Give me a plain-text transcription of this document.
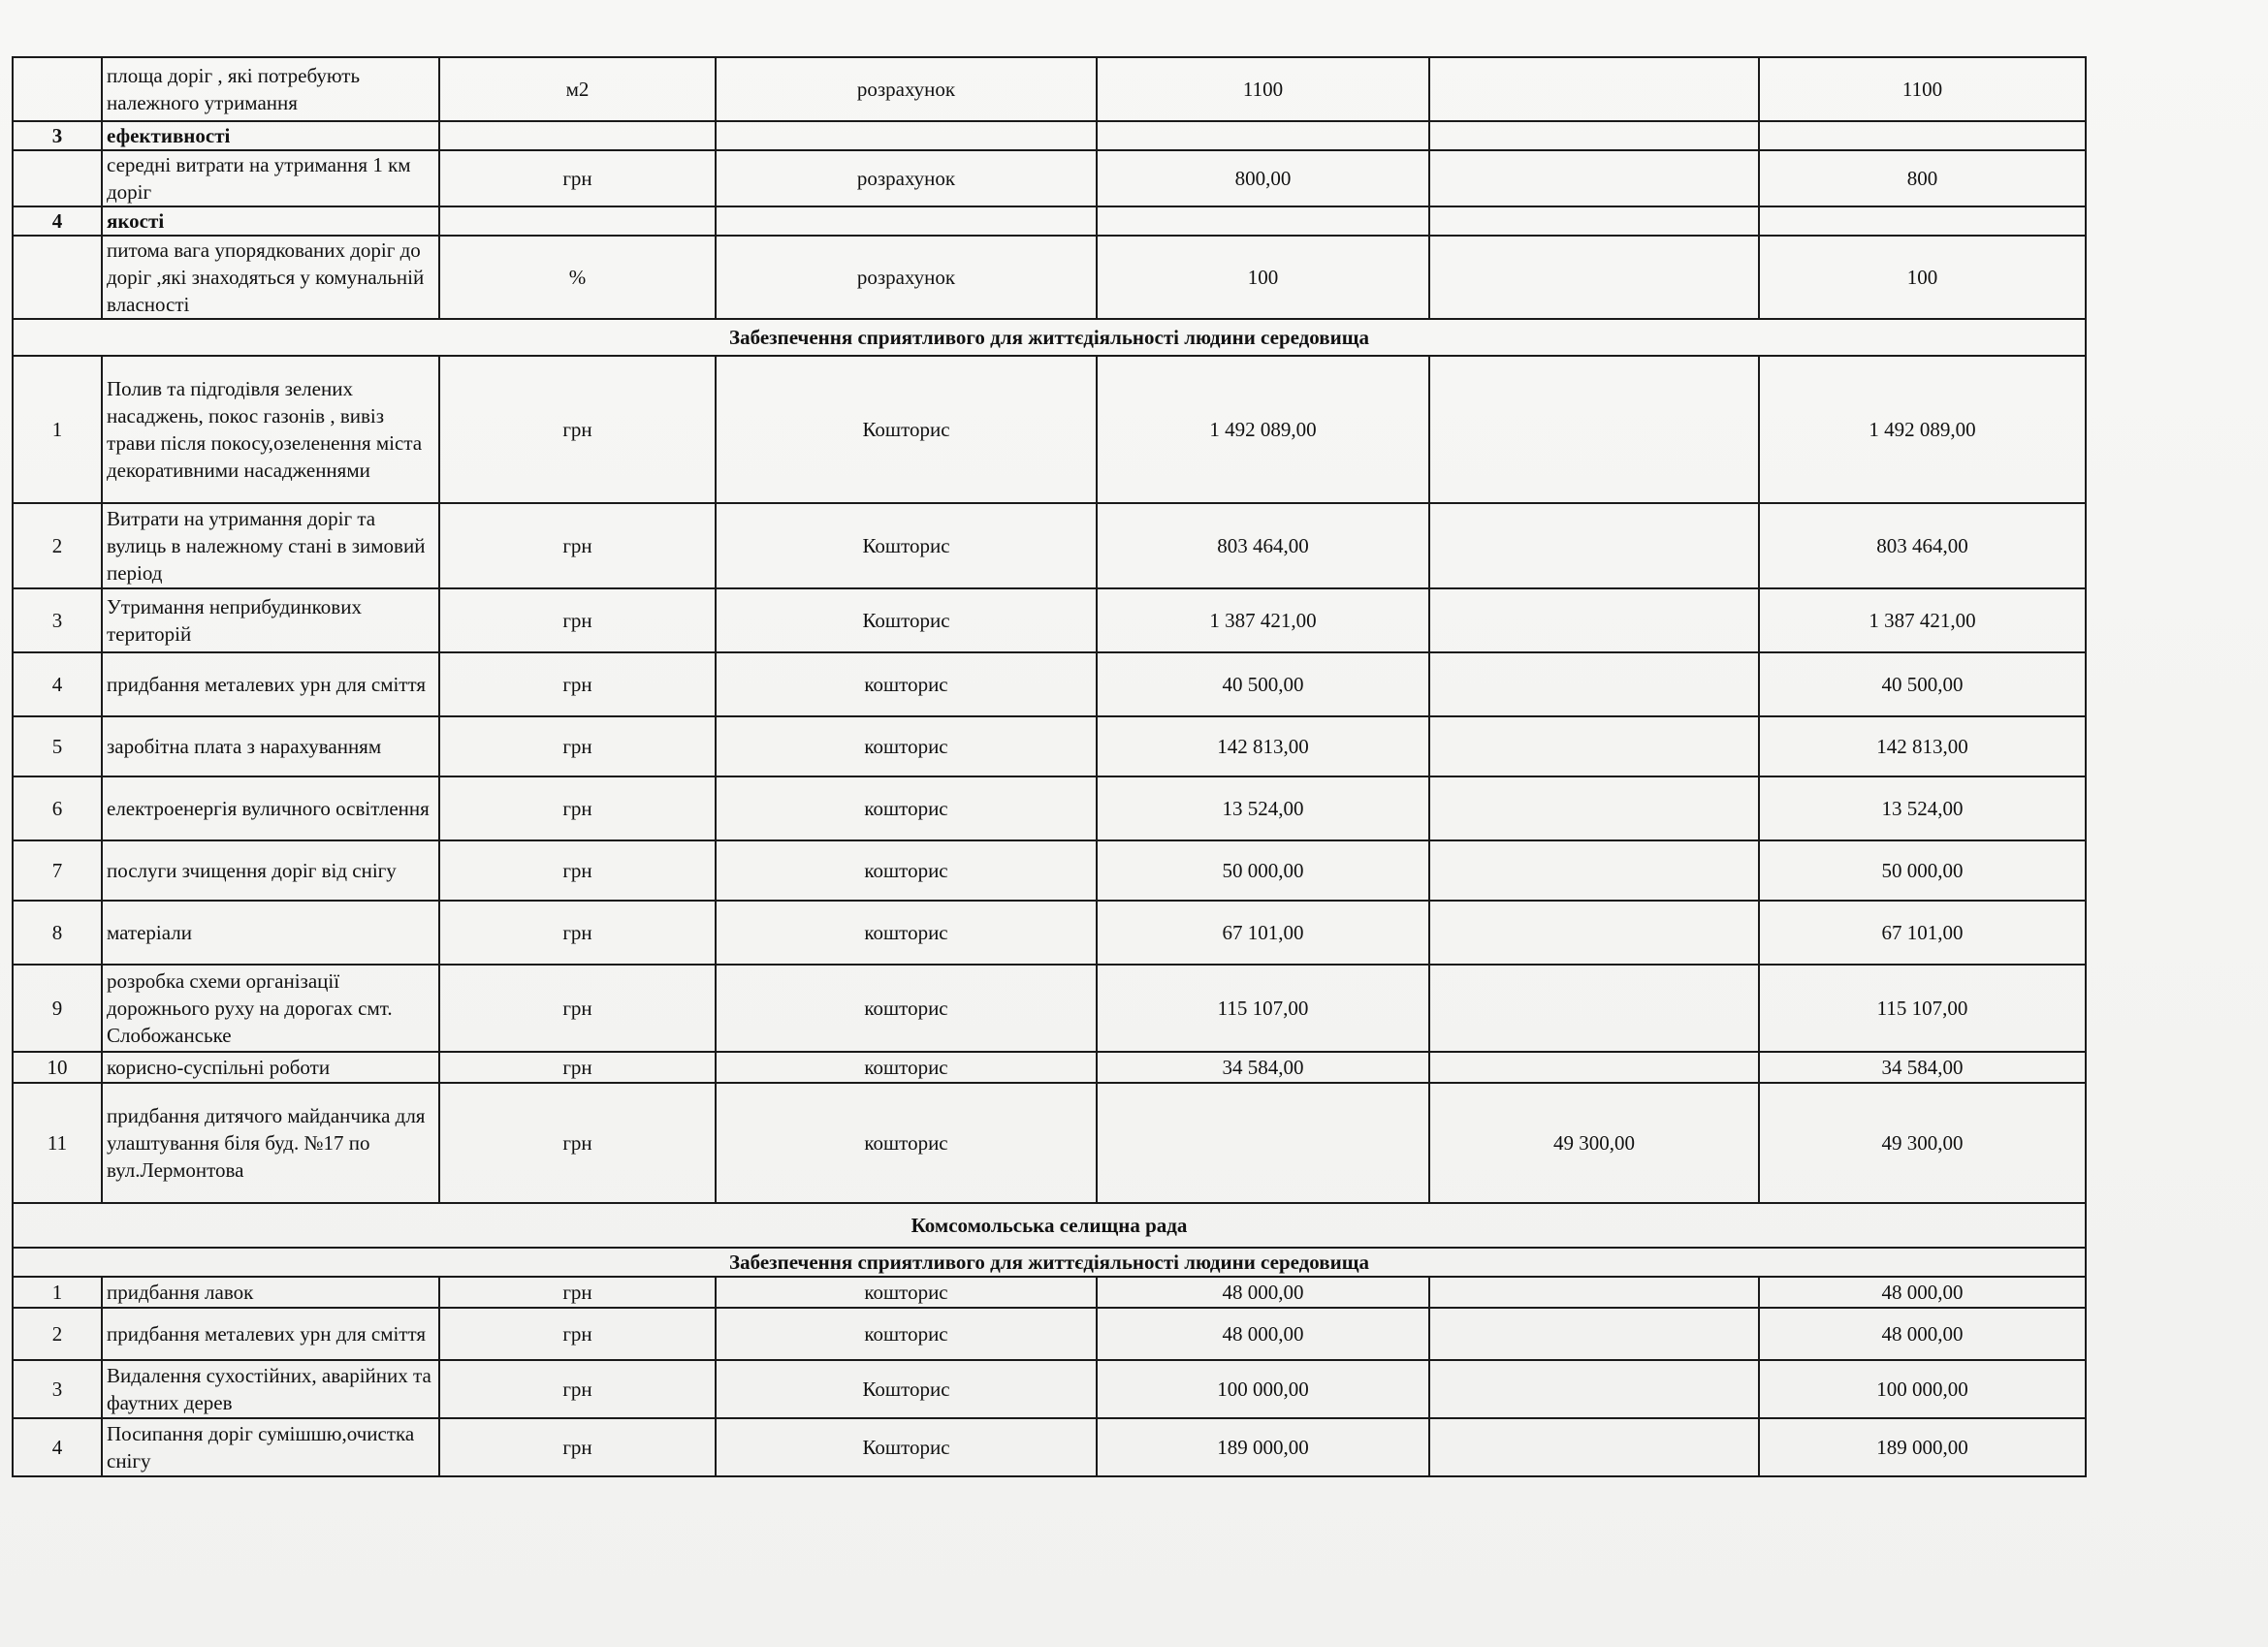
	площа доріг , які потребують належного утримання	м2	розрахунок	1100		1100
3	ефективності					
	середні витрати на утримання 1 км доріг	грн	розрахунок	800,00		800
4	якості					
	питома вага упорядкованих доріг до доріг ,які знаходяться у комунальній власності	%	розрахунок	100		100
Забезпечення сприятливого для життєдіяльності людини середовища						
1	Полив та підгодівля зелених насаджень, покос газонів , вивіз трави після покосу,озеленення міста декоративними насадженнями	грн	Кошторис	1 492 089,00		1 492 089,00
2	Витрати на утримання доріг та вулиць в належному стані в зимовий період	грн	Кошторис	803 464,00		803 464,00
3	Утримання неприбудинкових територій	грн	Кошторис	1 387 421,00		1 387 421,00
4	придбання металевих урн для сміття	грн	кошторис	40 500,00		40 500,00
5	заробітна плата з нарахуванням	грн	кошторис	142 813,00		142 813,00
6	електроенергія вуличного освітлення	грн	кошторис	13 524,00		13 524,00
7	послуги зчищення доріг від снігу	грн	кошторис	50 000,00		50 000,00
8	матеріали	грн	кошторис	67 101,00		67 101,00
9	розробка схеми організації дорожнього руху на дорогах смт. Слобожанське	грн	кошторис	115 107,00		115 107,00
10	корисно-суспільні роботи	грн	кошторис	34 584,00		34 584,00
11	придбання дитячого майданчика для улаштування біля буд. №17 по вул.Лермонтова	грн	кошторис		49 300,00	49 300,00
Комсомольська селищна рада						
Забезпечення сприятливого для життєдіяльності людини середовища						
1	придбання лавок	грн	кошторис	48 000,00		48 000,00
2	придбання металевих урн для сміття	грн	кошторис	48 000,00		48 000,00
3	Видалення сухостійних, аварійних та фаутних дерев	грн	Кошторис	100 000,00		100 000,00
4	Посипання доріг сумішшю,очистка снігу	грн	Кошторис	189 000,00		189 000,00
